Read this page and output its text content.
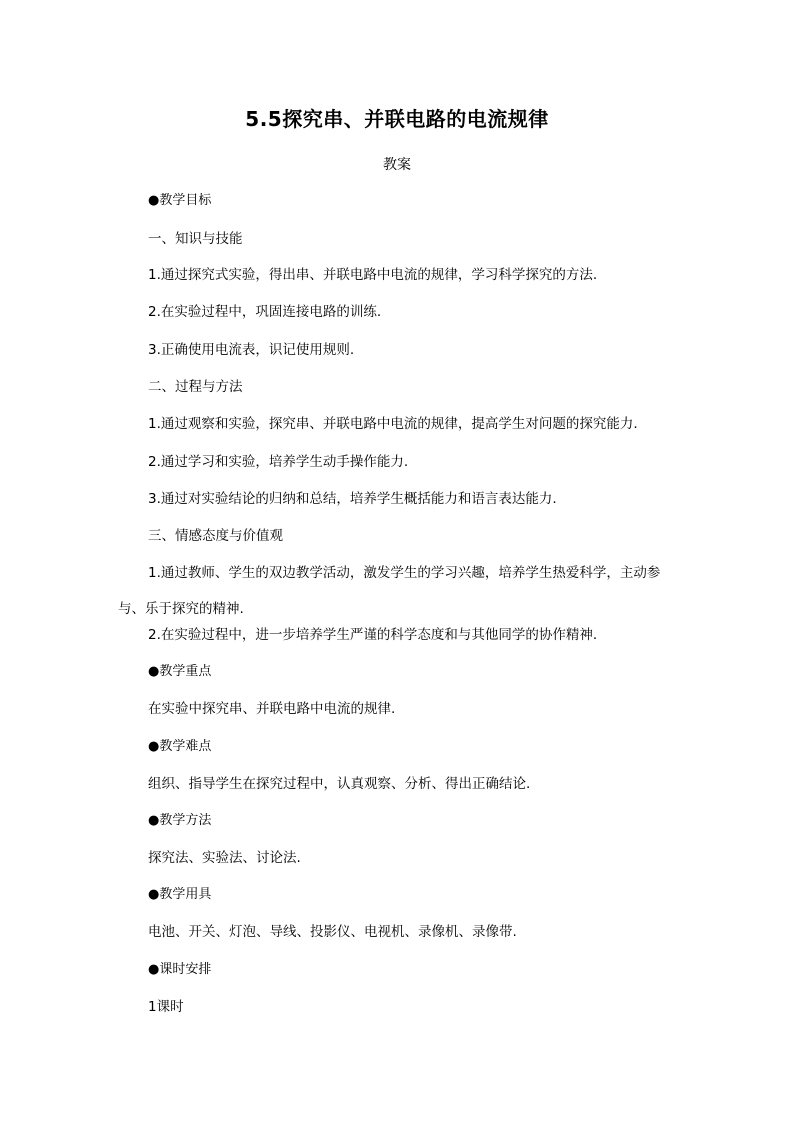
5.5探究串、并联电路的电流规律
教案
●教学目标
一、知识与技能
1.通过探究式实验，得出串、并联电路中电流的规律，学习科学探究的方法.
2.在实验过程中，巩固连接电路的训练.
3.正确使用电流表，识记使用规则.
二、过程与方法
1.通过观察和实验，探究串、并联电路中电流的规律，提高学生对问题的探究能力.
2.通过学习和实验，培养学生动手操作能力.
3.通过对实验结论的归纳和总结，培养学生概括能力和语言表达能力.
三、情感态度与价值观
1.通过教师、学生的双边教学活动，激发学生的学习兴趣，培养学生热爱科学，主动参与、乐于探究的精神.
2.在实验过程中，进一步培养学生严谨的科学态度和与其他同学的协作精神.
●教学重点
在实验中探究串、并联电路中电流的规律.
●教学难点
组织、指导学生在探究过程中，认真观察、分析、得出正确结论.
●教学方法
探究法、实验法、讨论法.
●教学用具
电池、开关、灯泡、导线、投影仪、电视机、录像机、录像带.
●课时安排
1课时
